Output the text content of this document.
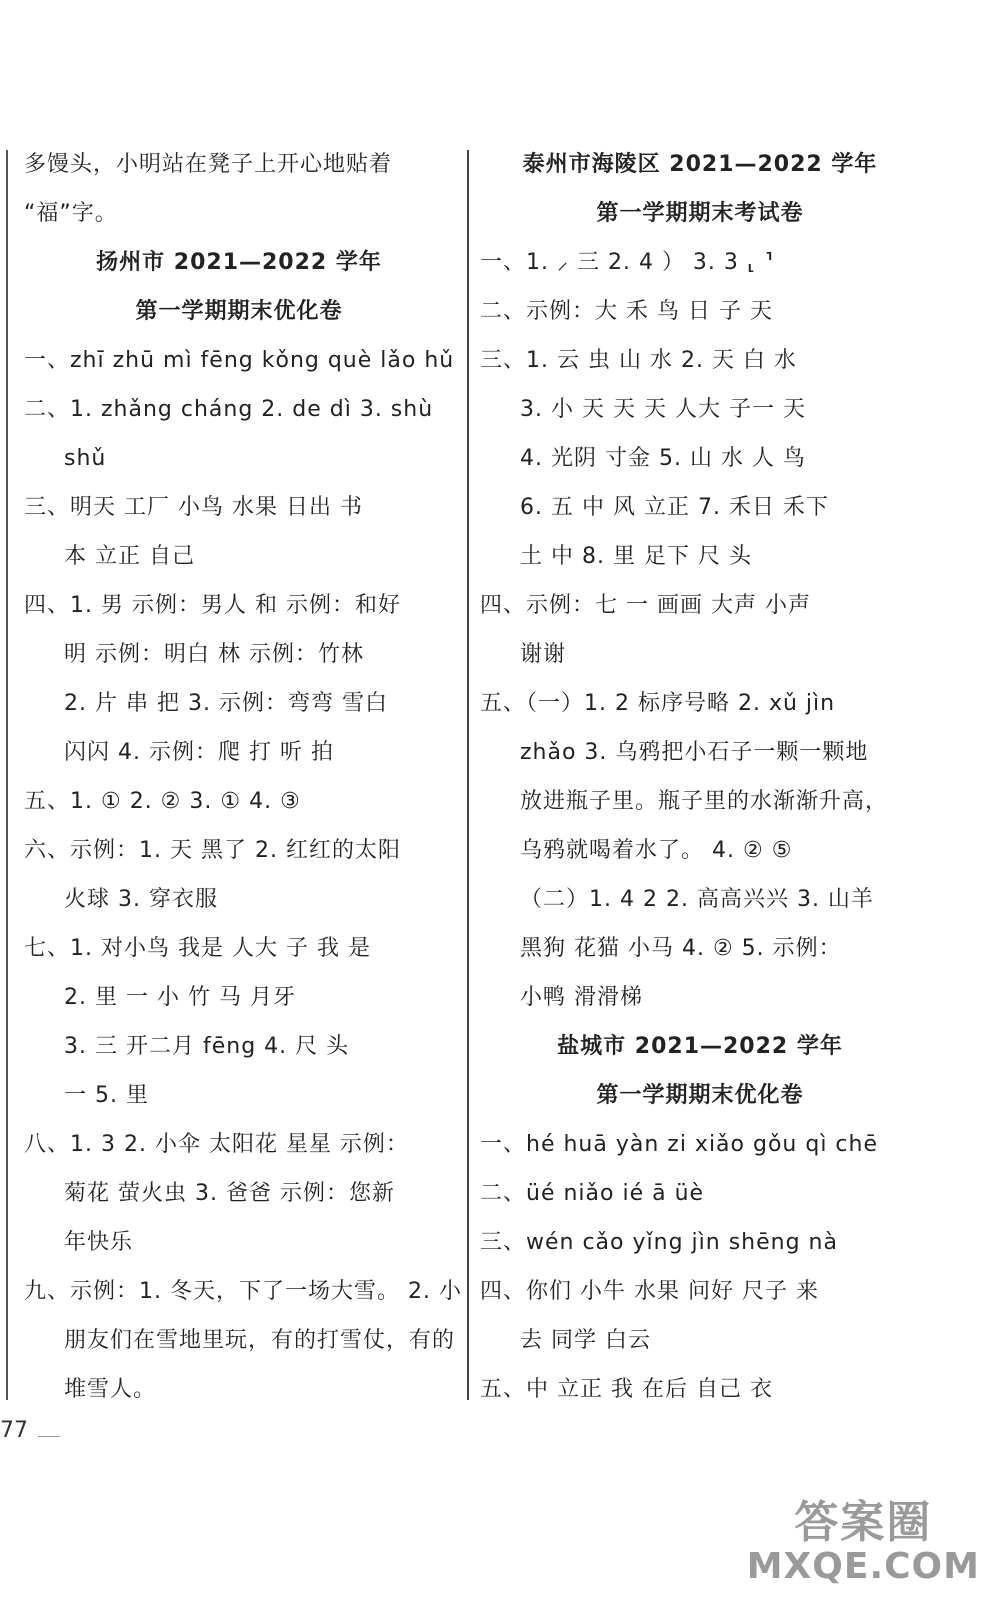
多馒头，小明站在凳子上开心地贴着
“福”字。
扬州市 2021—2022 学年
第一学期期末优化卷
一、zhī zhū mì fēng kǒng què lǎo hǔ
二、1. zhǎng cháng 2. de dì 3. shù
shǔ
三、明天 工厂 小鸟 水果 日出 书
本 立正 自己
四、1. 男 示例：男人 和 示例：和好
明 示例：明白 林 示例：竹林
2. 片 串 把 3. 示例：弯弯 雪白
闪闪 4. 示例：爬 打 听 拍
五、1. ① 2. ② 3. ① 4. ③
六、示例：1. 天 黑了 2. 红红的太阳
火球 3. 穿衣服
七、1. 对小鸟 我是 人大 子 我 是
2. 里 一 小 竹 马 月牙
3. 三 开二月 fēng 4. 尺 头
一 5. 里
八、1. 3 2. 小伞 太阳花 星星 示例：
菊花 萤火虫 3. 爸爸 示例：您新
年快乐
九、示例：1. 冬天，下了一场大雪。 2. 小
朋友们在雪地里玩，有的打雪仗，有的
堆雪人。
泰州市海陵区 2021—2022 学年
第一学期期末考试卷
一、1. ⸝ 三 2. 4 ） 3. 3 ⸤ ⸣
二、示例：大 禾 鸟 日 子 天
三、1. 云 虫 山 水 2. 天 白 水
3. 小 天 天 天 人大 子一 天
4. 光阴 寸金 5. 山 水 人 鸟
6. 五 中 风 立正 7. 禾日 禾下
土 中 8. 里 足下 尺 头
四、示例：七 一 画画 大声 小声
谢谢
五、（一）1. 2 标序号略 2. xǔ jìn
zhǎo 3. 乌鸦把小石子一颗一颗地
放进瓶子里。瓶子里的水渐渐升高，
乌鸦就喝着水了。 4. ② ⑤
（二）1. 4 2 2. 高高兴兴 3. 山羊
黑狗 花猫 小马 4. ② 5. 示例：
小鸭 滑滑梯
盐城市 2021—2022 学年
第一学期期末优化卷
一、hé huā yàn zi xiǎo gǒu qì chē
二、üé niǎo ié ā üè
三、wén cǎo yǐng jìn shēng nà
四、你们 小牛 水果 问好 尺子 来
去 同学 白云
五、中 立正 我 在后 自己 衣
77
答案圈
MXQE.COM
